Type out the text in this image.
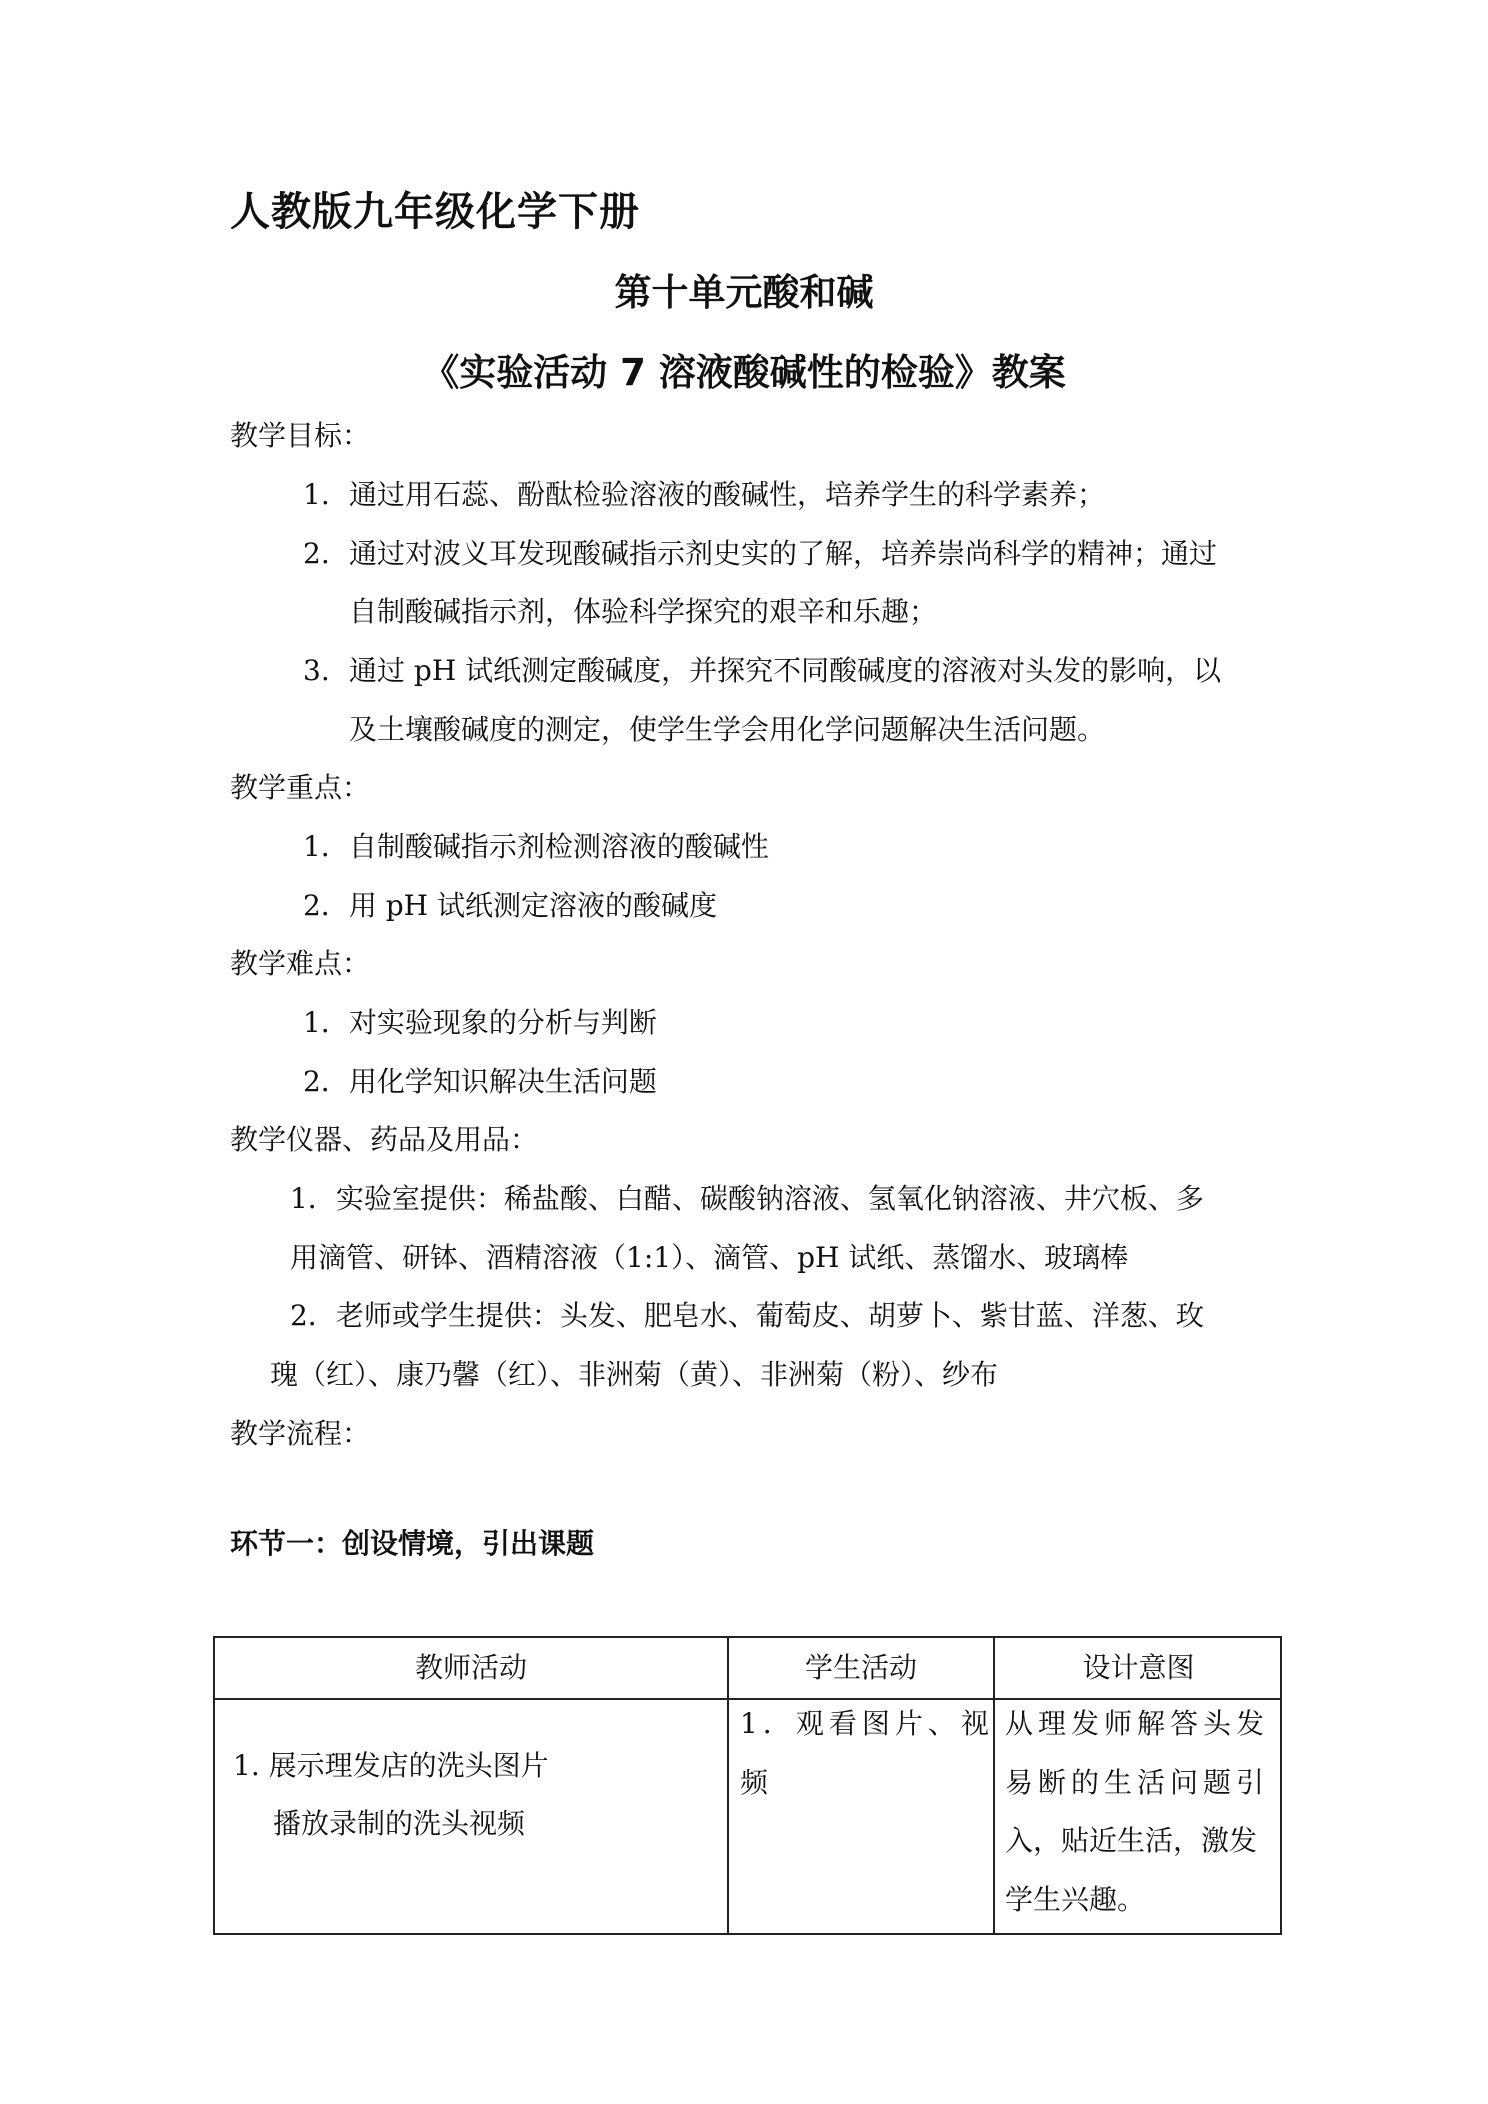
人教版九年级化学下册
第十单元酸和碱
《实验活动 7 溶液酸碱性的检验》教案
教学目标：
1. 通过用石蕊、酚酞检验溶液的酸碱性，培养学生的科学素养；
2. 通过对波义耳发现酸碱指示剂史实的了解，培养崇尚科学的精神；通过
自制酸碱指示剂，体验科学探究的艰辛和乐趣；
3. 通过 pH 试纸测定酸碱度，并探究不同酸碱度的溶液对头发的影响，以
及土壤酸碱度的测定，使学生学会用化学问题解决生活问题。
教学重点：
1．自制酸碱指示剂检测溶液的酸碱性
2．用 pH 试纸测定溶液的酸碱度
教学难点：
1．对实验现象的分析与判断
2．用化学知识解决生活问题
教学仪器、药品及用品：
1．实验室提供：稀盐酸、白醋、碳酸钠溶液、氢氧化钠溶液、井穴板、多
用滴管、研钵、酒精溶液（1:1）、滴管、pH 试纸、蒸馏水、玻璃棒
2．老师或学生提供：头发、肥皂水、葡萄皮、胡萝卜、紫甘蓝、洋葱、玫
瑰（红）、康乃馨（红）、非洲菊（黄）、非洲菊（粉）、纱布
教学流程：
环节一：创设情境，引出课题
教师活动	学生活动	设计意图
1. 展示理发店的洗头图片
播放录制的洗头视频
1．观看图片、视
频
从理发师解答头发
易断的生活问题引
入，贴近生活，激发
学生兴趣。
